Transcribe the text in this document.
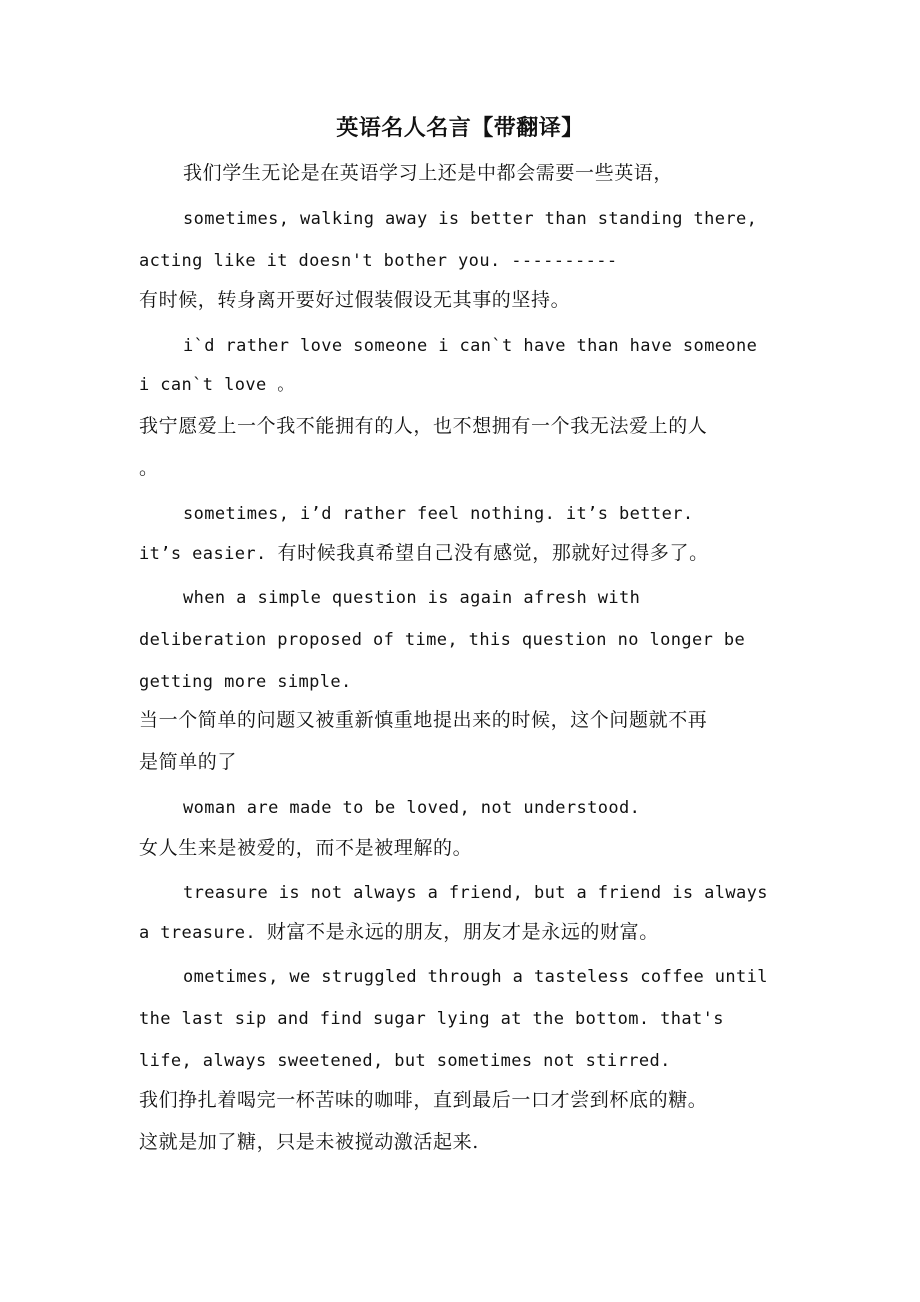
英语名人名言【带翻译】
我们学生无论是在英语学习上还是中都会需要一些英语，
sometimes, walking away is better than standing there,
acting like it doesn't bother you. ----------
有时候，转身离开要好过假装假设无其事的坚持。
i`d rather love someone i can`t have than have someone
i can`t love 。
我宁愿爱上一个我不能拥有的人，也不想拥有一个我无法爱上的人
。
sometimes, i’d rather feel nothing. it’s better.
it’s easier. 有时候我真希望自己没有感觉，那就好过得多了。
when a simple question is again afresh with
deliberation proposed of time, this question no longer be
getting more simple.
当一个简单的问题又被重新慎重地提出来的时候，这个问题就不再
是简单的了
woman are made to be loved, not understood.
女人生来是被爱的，而不是被理解的。
treasure is not always a friend, but a friend is always
a treasure. 财富不是永远的朋友，朋友才是永远的财富。
ometimes, we struggled through a tasteless coffee until
the last sip and find sugar lying at the bottom. that's
life, always sweetened, but sometimes not stirred.
我们挣扎着喝完一杯苦味的咖啡，直到最后一口才尝到杯底的糖。
这就是加了糖，只是未被搅动激活起来.
